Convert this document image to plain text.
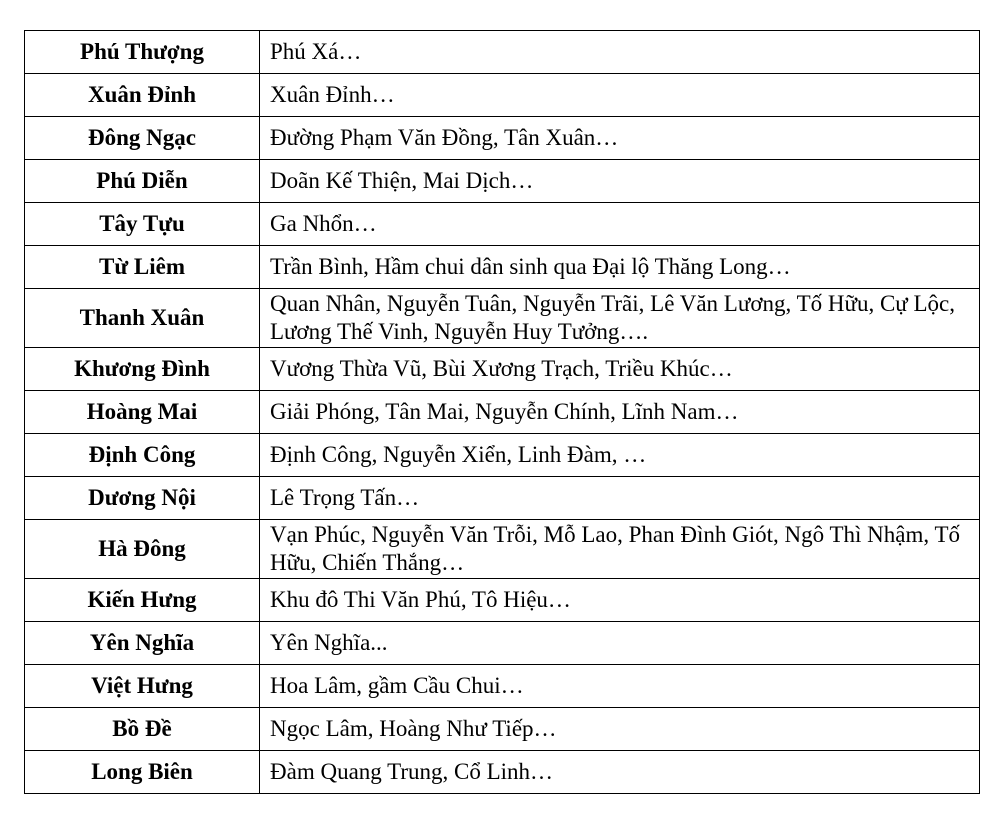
Phú Thượng	Phú Xá…
Xuân Đỉnh	Xuân Đỉnh…
Đông Ngạc	Đường Phạm Văn Đồng, Tân Xuân…
Phú Diễn	Doãn Kế Thiện, Mai Dịch…
Tây Tựu	Ga Nhổn…
Từ Liêm	Trần Bình, Hầm chui dân sinh qua Đại lộ Thăng Long…
Thanh Xuân	Quan Nhân, Nguyễn Tuân, Nguyễn Trãi, Lê Văn Lương, Tố Hữu, Cự Lộc, Lương Thế Vinh, Nguyễn Huy Tưởng….
Khương Đình	Vương Thừa Vũ, Bùi Xương Trạch, Triều Khúc…
Hoàng Mai	Giải Phóng, Tân Mai, Nguyễn Chính, Lĩnh Nam…
Định Công	Định Công, Nguyễn Xiển, Linh Đàm, …
Dương Nội	Lê Trọng Tấn…
Hà Đông	Vạn Phúc, Nguyễn Văn Trỗi, Mỗ Lao, Phan Đình Giót, Ngô Thì Nhậm, Tố Hữu, Chiến Thắng…
Kiến Hưng	Khu đô Thi Văn Phú, Tô Hiệu…
Yên Nghĩa	Yên Nghĩa...
Việt Hưng	Hoa Lâm, gầm Cầu Chui…
Bồ Đề	Ngọc Lâm, Hoàng Như Tiếp…
Long Biên	Đàm Quang Trung, Cổ Linh…
